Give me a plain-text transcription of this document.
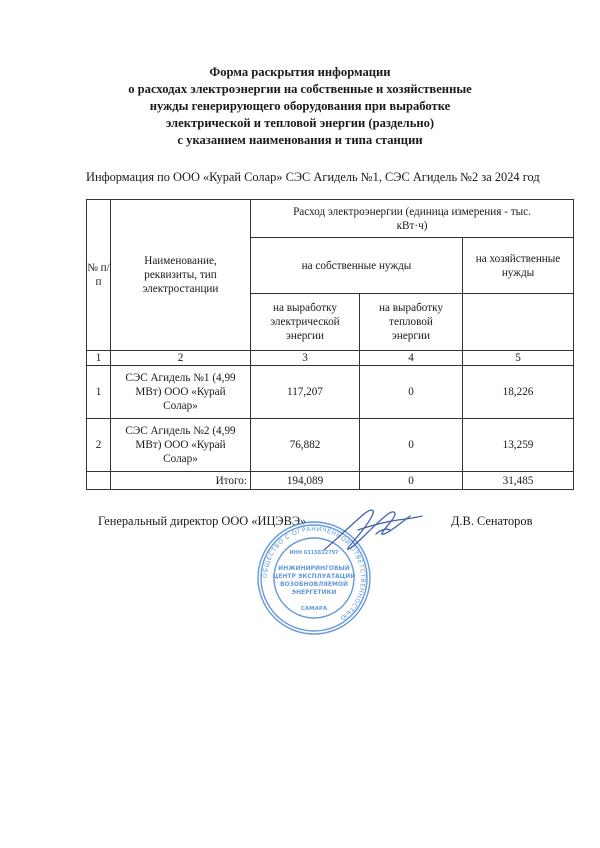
Форма раскрытия информации
о расходах электроэнергии на собственные и хозяйственные
нужды генерирующего оборудования при выработке
электрической и тепловой энергии (раздельно)
с указанием наименования и типа станции
Информация по ООО «Курай Солар» СЭС Агидель №1, СЭС Агидель №2 за 2024 год
№ п/п	Наименование, реквизиты, тип электростанции	Расход электроэнергии (единица измерения - тыс. кВт·ч)		
		на собственные нужды		на хозяйственные нужды
		на выработку электрической энергии	на выработку тепловой энергии	
1	2	3	4	5
1	СЭС Агидель №1 (4,99 МВт) ООО «Курай Солар»	117,207	0	18,226
2	СЭС Агидель №2 (4,99 МВт) ООО «Курай Солар»	76,882	0	13,259
	Итого:	194,089	0	31,485
Генеральный директор ООО «ИЦЭВЭ»	Д.В. Сенаторов
ОБЩЕСТВО С ОГРАНИЧЕННОЙ ОТВЕТСТВЕННОСТЬЮ
ИНН 6315812797
ИНЖИНИРИНГОВЫЙ
ЦЕНТР ЭКСПЛУАТАЦИИ
ВОЗОБНОВЛЯЕМОЙ
ЭНЕРГЕТИКИ
САМАРА
